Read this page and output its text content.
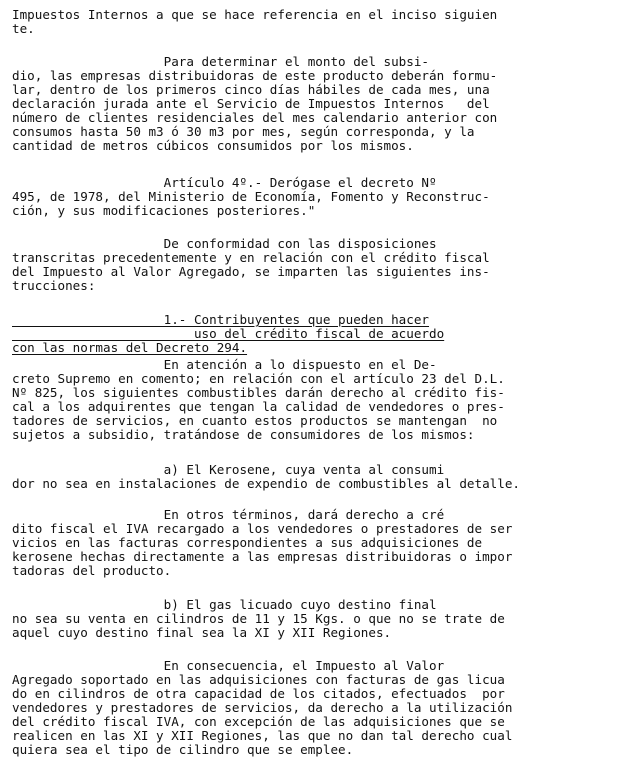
Impuestos Internos a que se hace referencia en el inciso siguien
te.
Para determinar el monto del subsi-
dio, las empresas distribuidoras de este producto deberán formu-
lar, dentro de los primeros cinco días hábiles de cada mes, una
declaración jurada ante el Servicio de Impuestos Internos   del
número de clientes residenciales del mes calendario anterior con
consumos hasta 50 m3 ó 30 m3 por mes, según corresponda, y la
cantidad de metros cúbicos consumidos por los mismos.
Artículo 4º.- Derógase el decreto Nº
495, de 1978, del Ministerio de Economía, Fomento y Reconstruc-
ción, y sus modificaciones posteriores."
De conformidad con las disposiciones
transcritas precedentemente y en relación con el crédito fiscal
del Impuesto al Valor Agregado, se imparten las siguientes ins-
trucciones:
1.- Contribuyentes que pueden hacer
uso del crédito fiscal de acuerdo
con las normas del Decreto 294.
En atención a lo dispuesto en el De-
creto Supremo en comento; en relación con el artículo 23 del D.L.
Nº 825, los siguientes combustibles darán derecho al crédito fis-
cal a los adquirentes que tengan la calidad de vendedores o pres-
tadores de servicios, en cuanto estos productos se mantengan  no
sujetos a subsidio, tratándose de consumidores de los mismos:
a) El Kerosene, cuya venta al consumi
dor no sea en instalaciones de expendio de combustibles al detalle.
En otros términos, dará derecho a cré
dito fiscal el IVA recargado a los vendedores o prestadores de ser
vicios en las facturas correspondientes a sus adquisiciones de
kerosene hechas directamente a las empresas distribuidoras o impor
tadoras del producto.
b) El gas licuado cuyo destino final
no sea su venta en cilindros de 11 y 15 Kgs. o que no se trate de
aquel cuyo destino final sea la XI y XII Regiones.
En consecuencia, el Impuesto al Valor
Agregado soportado en las adquisiciones con facturas de gas licua
do en cilindros de otra capacidad de los citados, efectuados  por
vendedores y prestadores de servicios, da derecho a la utilización
del crédito fiscal IVA, con excepción de las adquisiciones que se
realicen en las XI y XII Regiones, las que no dan tal derecho cual
quiera sea el tipo de cilindro que se emplee.
